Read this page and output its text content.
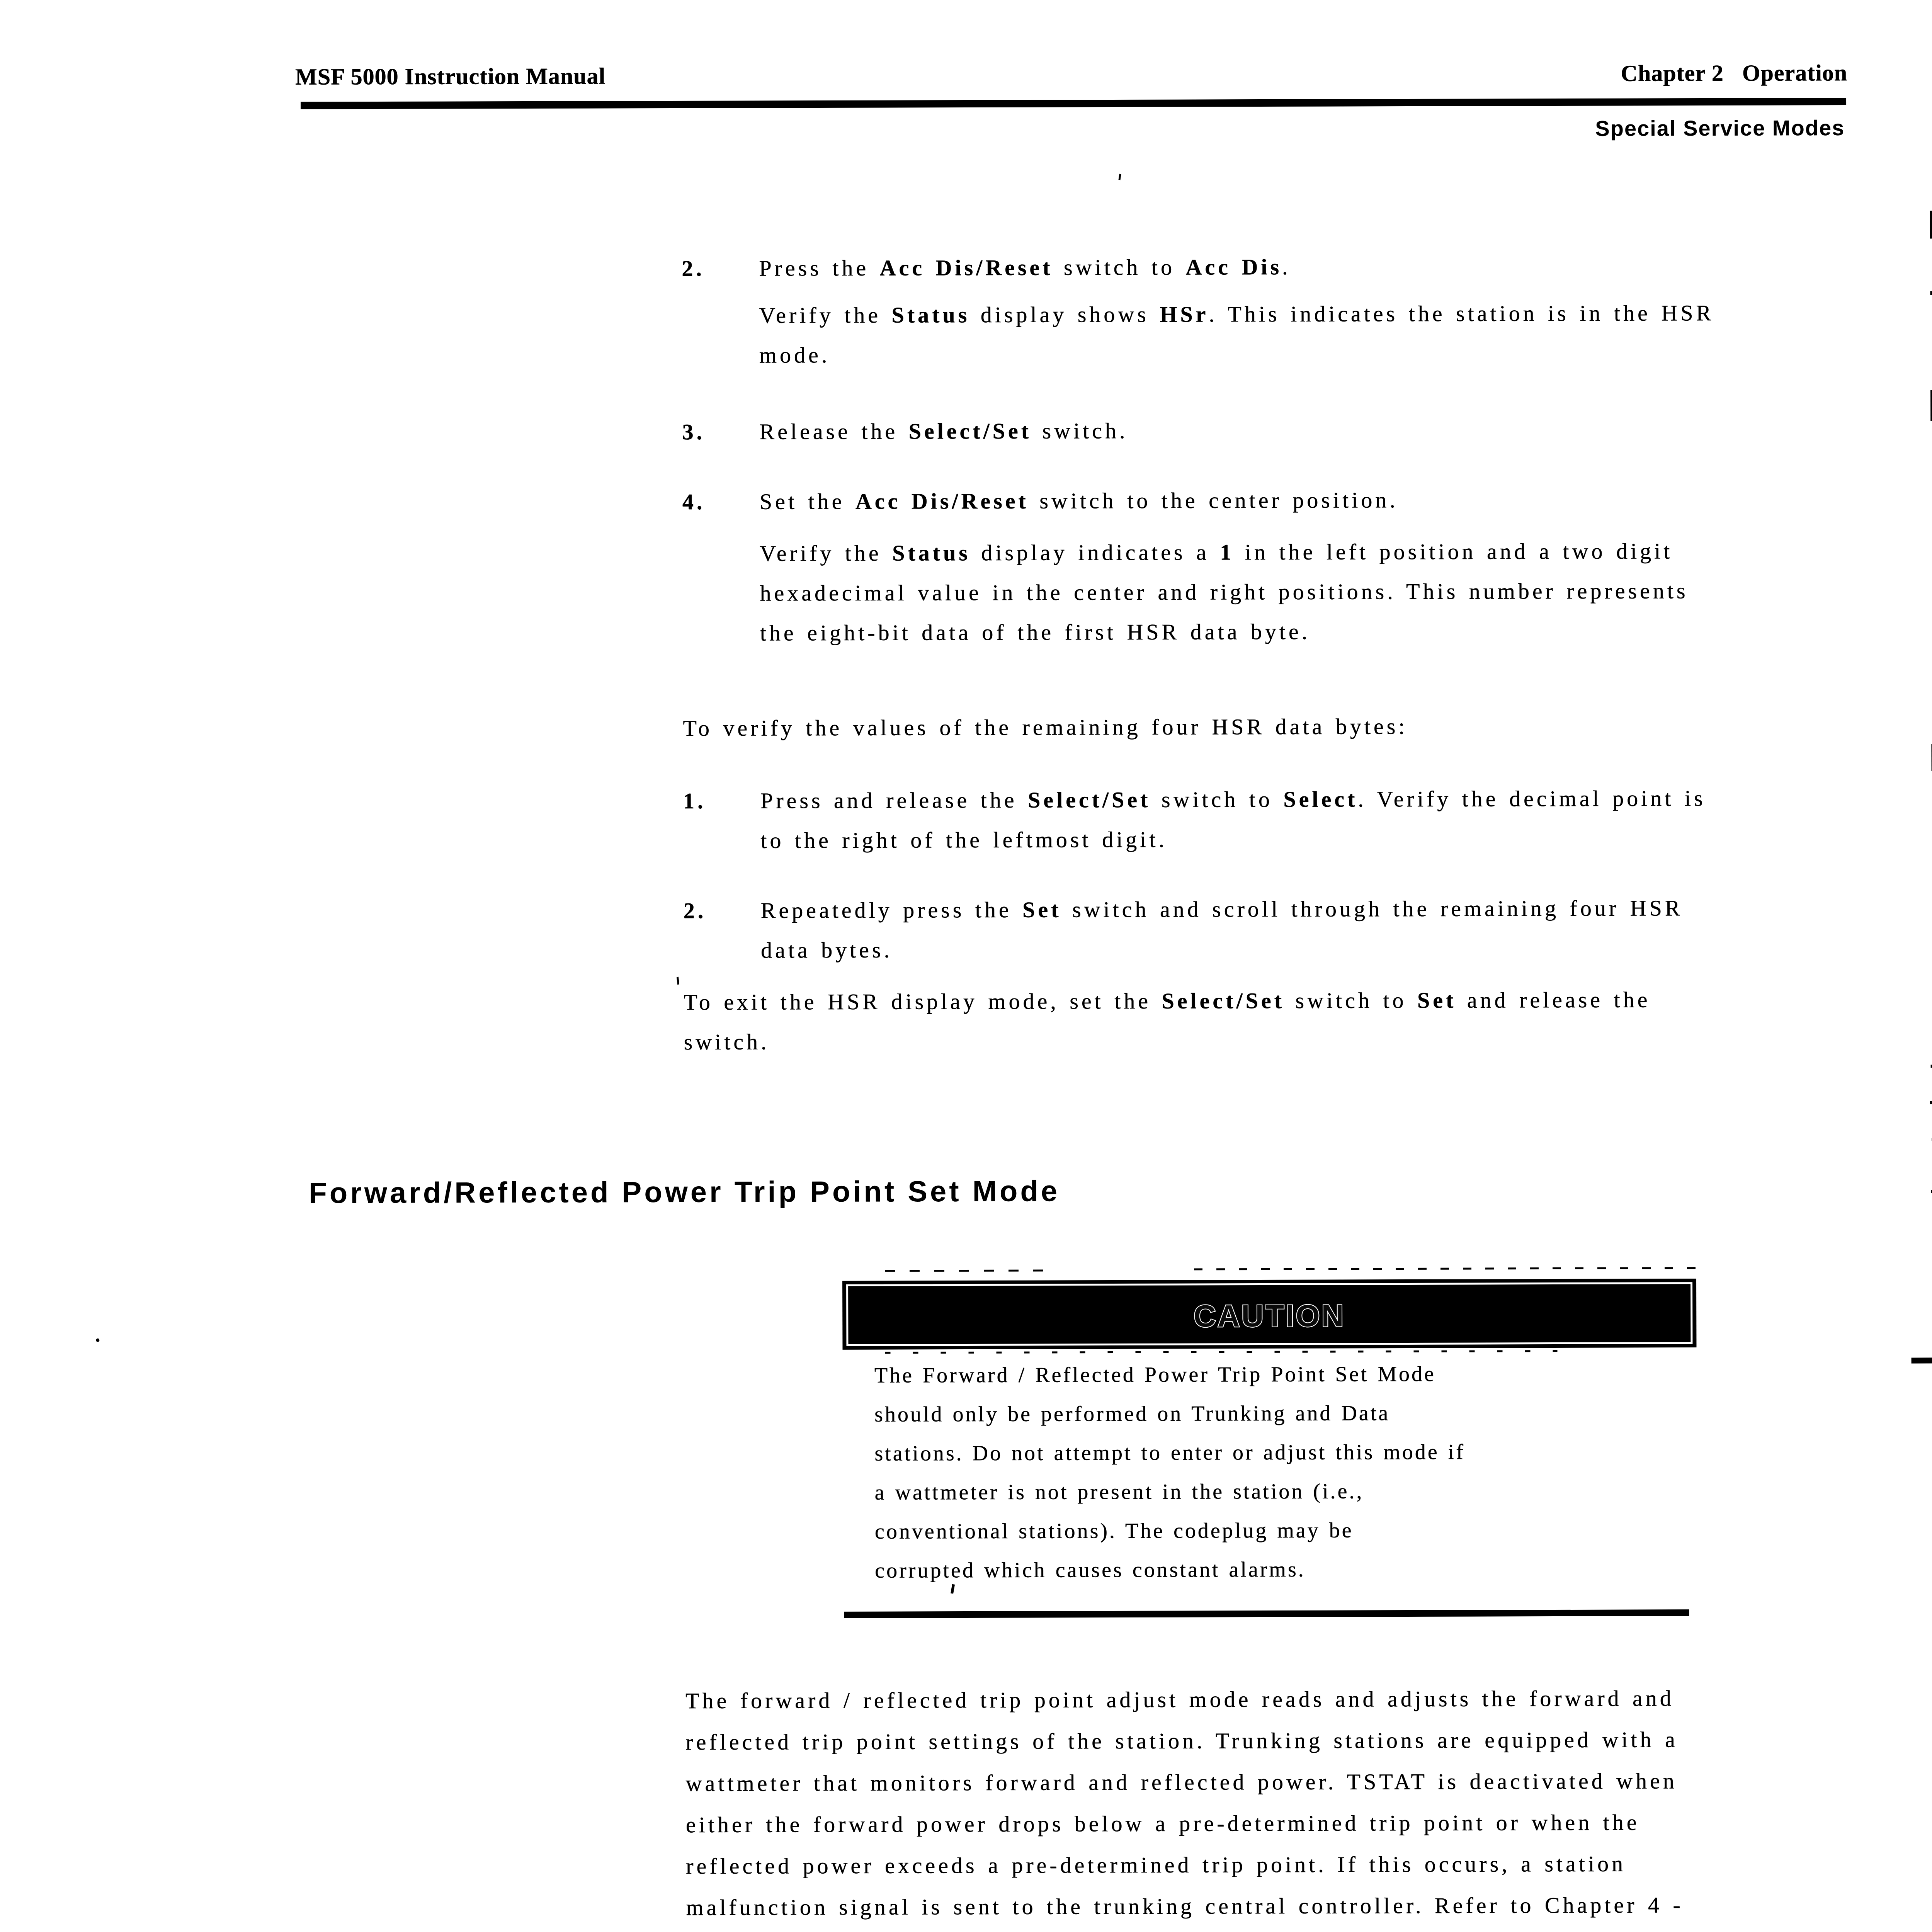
MSF 5000 Instruction Manual	Chapter 2   Operation
Special Service Modes

2.

Press the Acc Dis/Reset switch to Acc Dis.

Verify the Status display shows HSr. This indicates the station is in the HSR
mode.

3.

Release the Select/Set switch.

4.

Set the Acc Dis/Reset switch to the center position.

Verify the Status display indicates a 1 in the left position and a two digit
hexadecimal value in the center and right positions. This number represents
the eight-bit data of the first HSR data byte.
To verify the values of the remaining four HSR data bytes:

1.

Press and release the Select/Set switch to Select. Verify the decimal point is
to the right of the leftmost digit.

2.

Repeatedly press the Set switch and scroll through the remaining four HSR
data bytes.

To exit the HSR display mode, set the Select/Set switch to Set and release the
switch.
Forward/Reflected Power Trip Point Set Mode
CAUTION
The Forward / Reflected Power Trip Point Set Mode
should only be performed on Trunking and Data
stations. Do not attempt to enter or adjust this mode if
a wattmeter is not present in the station (i.e.,
conventional stations). The codeplug may be
corrupted which causes constant alarms.
The forward / reflected trip point adjust mode reads and adjusts the forward and
reflected trip point settings of the station. Trunking stations are equipped with a
wattmeter that monitors forward and reflected power. TSTAT is deactivated when
either the forward power drops below a pre-determined trip point or when the
reflected power exceeds a pre-determined trip point. If this occurs, a station
malfunction signal is sent to the trunking central controller. Refer to Chapter 4 -
